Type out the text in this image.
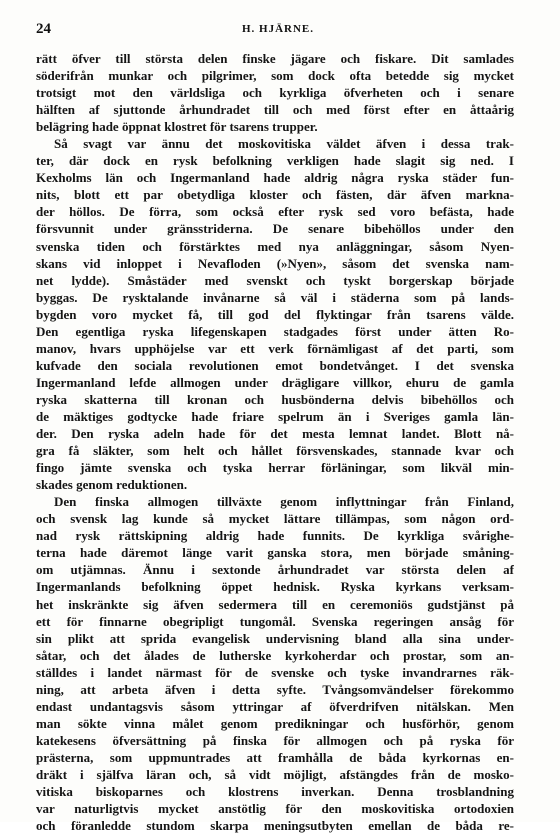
24	H. HJÄRNE.
rätt öfver till största delen finske jägare och fiskare. Dit samlades
söderifrån munkar och pilgrimer, som dock ofta betedde sig mycket
trotsigt mot den världsliga och kyrkliga öfverheten och i senare
hälften af sjuttonde århundradet till och med först efter en åttaårig
belägring hade öppnat klostret för tsarens trupper.
Så svagt var ännu det moskovitiska väldet äfven i dessa trak-
ter, där dock en rysk befolkning verkligen hade slagit sig ned. I
Kexholms län och Ingermanland hade aldrig några ryska städer fun-
nits, blott ett par obetydliga kloster och fästen, där äfven markna-
der höllos. De förra, som också efter rysk sed voro befästa, hade
försvunnit under gränsstriderna. De senare bibehöllos under den
svenska tiden och förstärktes med nya anläggningar, såsom Nyen-
skans vid inloppet i Nevafloden (»Nyen», såsom det svenska nam-
net lydde). Småstäder med svenskt och tyskt borgerskap började
byggas. De rysktalande invånarne så väl i städerna som på lands-
bygden voro mycket få, till god del flyktingar från tsarens välde.
Den egentliga ryska lifegenskapen stadgades först under ätten Ro-
manov, hvars upphöjelse var ett verk förnämligast af det parti, som
kufvade den sociala revolutionen emot bondetvånget. I det svenska
Ingermanland lefde allmogen under drägligare villkor, ehuru de gamla
ryska skatterna till kronan och husbönderna delvis bibehöllos och
de mäktiges godtycke hade friare spelrum än i Sveriges gamla län-
der. Den ryska adeln hade för det mesta lemnat landet. Blott nå-
gra få släkter, som helt och hållet försvenskades, stannade kvar och
fingo jämte svenska och tyska herrar förläningar, som likväl min-
skades genom reduktionen.
Den finska allmogen tillväxte genom inflyttningar från Finland,
och svensk lag kunde så mycket lättare tillämpas, som någon ord-
nad rysk rättskipning aldrig hade funnits. De kyrkliga svårighe-
terna hade däremot länge varit ganska stora, men började småning-
om utjämnas. Ännu i sextonde århundradet var största delen af
Ingermanlands befolkning öppet hednisk. Ryska kyrkans verksam-
het inskränkte sig äfven sedermera till en ceremoniös gudstjänst på
ett för finnarne obegripligt tungomål. Svenska regeringen ansåg för
sin plikt att sprida evangelisk undervisning bland alla sina under-
såtar, och det ålades de lutherske kyrkoherdar och prostar, som an-
ställdes i landet närmast för de svenske och tyske invandrarnes räk-
ning, att arbeta äfven i detta syfte. Tvångsomvändelser förekommo
endast undantagsvis såsom yttringar af öfverdrifven nitälskan. Men
man sökte vinna målet genom predikningar och husförhör, genom
katekesens öfversättning på finska för allmogen och på ryska för
prästerna, som uppmuntrades att framhålla de båda kyrkornas en-
dräkt i själfva läran och, så vidt möjligt, afstängdes från de mosko-
vitiska biskoparnes och klostrens inverkan. Denna trosblandning
var naturligtvis mycket anstötlig för den moskovitiska ortodoxien
och föranledde stundom skarpa meningsutbyten emellan de båda re-
